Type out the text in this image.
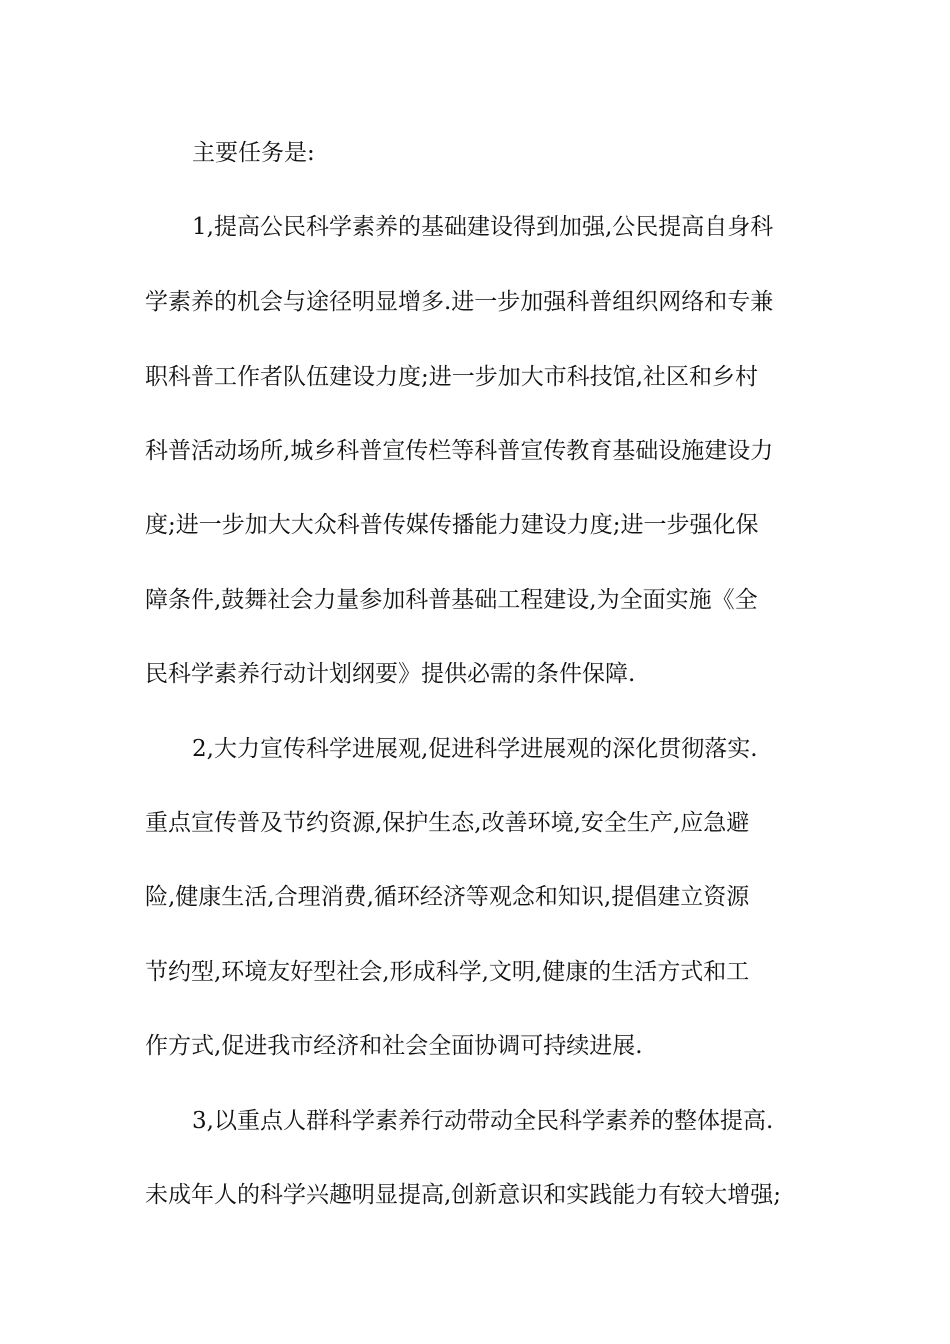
主要任务是:
1,提高公民科学素养的基础建设得到加强,公民提高自身科
学素养的机会与途径明显增多.进一步加强科普组织网络和专兼
职科普工作者队伍建设力度;进一步加大市科技馆,社区和乡村
科普活动场所,城乡科普宣传栏等科普宣传教育基础设施建设力
度;进一步加大大众科普传媒传播能力建设力度;进一步强化保
障条件,鼓舞社会力量参加科普基础工程建设,为全面实施《全
民科学素养行动计划纲要》提供必需的条件保障.
2,大力宣传科学进展观,促进科学进展观的深化贯彻落实.
重点宣传普及节约资源,保护生态,改善环境,安全生产,应急避
险,健康生活,合理消费,循环经济等观念和知识,提倡建立资源
节约型,环境友好型社会,形成科学,文明,健康的生活方式和工
作方式,促进我市经济和社会全面协调可持续进展.
3,以重点人群科学素养行动带动全民科学素养的整体提高.
未成年人的科学兴趣明显提高,创新意识和实践能力有较大增强;
